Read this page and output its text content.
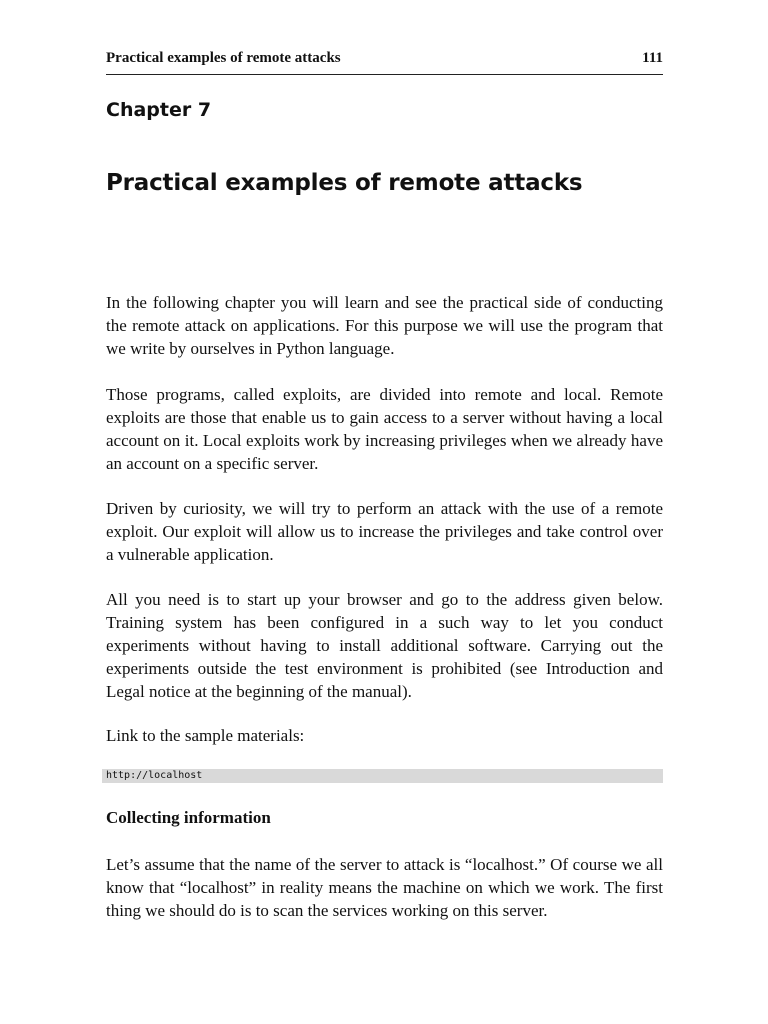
Practical examples of remote attacks	111
Chapter 7
Practical examples of remote attacks

In the following chapter you will learn and see the practical side of conducting the remote attack on applications. For this purpose we will use the program that we write by ourselves in Python language.

Those programs, called exploits, are divided into remote and local. Remote exploits are those that enable us to gain access to a server without having a local account on it. Local exploits work by increasing privileges when we already have an account on a specific server.

Driven by curiosity, we will try to perform an attack with the use of a remote exploit. Our exploit will allow us to increase the privileges and take control over a vulnerable application.

All you need is to start up your browser and go to the address given below. Training system has been configured in a such way to let you conduct experiments without having to install additional software. Carrying out the experiments outside the test environment is prohibited (see Introduction and Legal notice at the beginning of the manual).

Link to the sample materials:

http://localhost
Collecting information

Let’s assume that the name of the server to attack is “localhost.” Of course we all know that “localhost” in reality means the machine on which we work. The first thing we should do is to scan the services working on this server.
